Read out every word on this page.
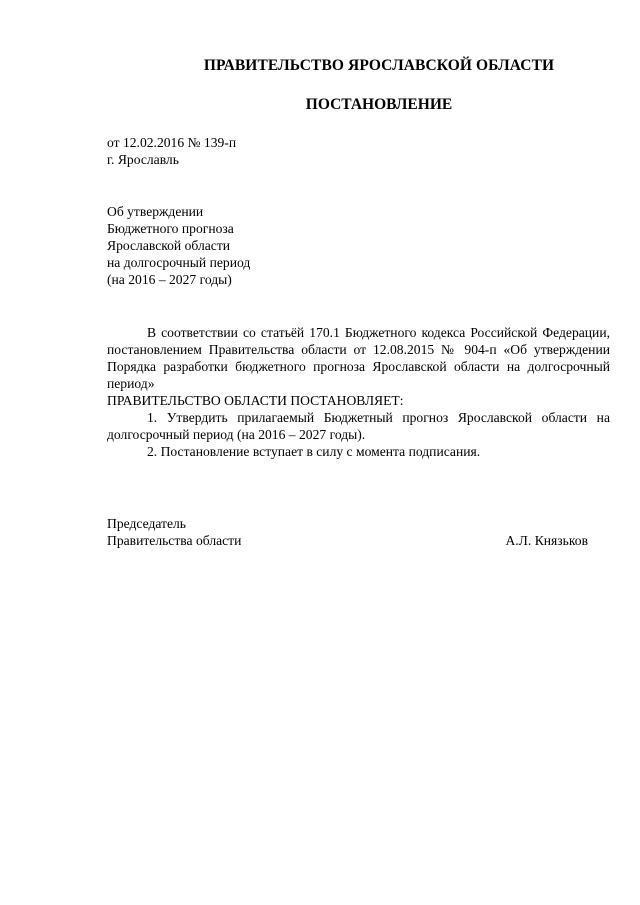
ПРАВИТЕЛЬСТВО ЯРОСЛАВСКОЙ ОБЛАСТИ
ПОСТАНОВЛЕНИЕ
от 12.02.2016 № 139-п
г. Ярославль
Об утверждении
Бюджетного прогноза
Ярославской области
на долгосрочный период
(на 2016 – 2027 годы)

В соответствии со статьёй 170.1 Бюджетного кодекса Российской Федерации, постановлением Правительства области от 12.08.2015 № 904-п «Об утверждении Порядка разработки бюджетного прогноза Ярославской области на долгосрочный период»

ПРАВИТЕЛЬСТВО ОБЛАСТИ ПОСТАНОВЛЯЕТ:

1. Утвердить прилагаемый Бюджетный прогноз Ярославской области на долгосрочный период (на 2016 – 2027 годы).

2. Постановление вступает в силу с момента подписания.

Председатель
Правительства области	А.Л. Князьков
